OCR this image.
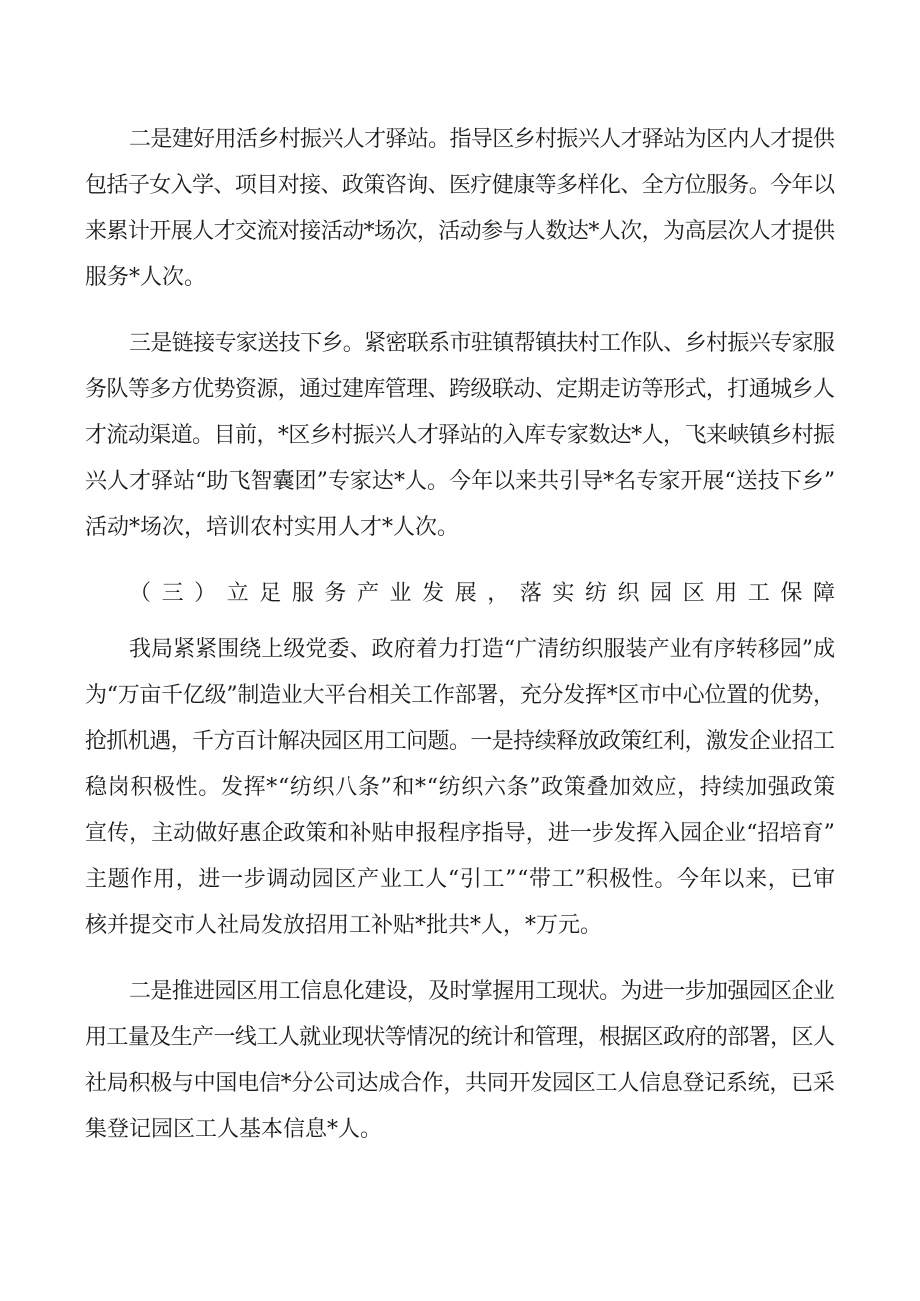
二是建好用活乡村振兴人才驿站。指导区乡村振兴人才驿站为区内人才提供
包括子女入学、项目对接、政策咨询、医疗健康等多样化、全方位服务。今年以
来累计开展人才交流对接活动*场次，活动参与人数达*人次，为高层次人才提供
服务*人次。
三是链接专家送技下乡。紧密联系市驻镇帮镇扶村工作队、乡村振兴专家服
务队等多方优势资源，通过建库管理、跨级联动、定期走访等形式，打通城乡人
才流动渠道。目前，*区乡村振兴人才驿站的入库专家数达*人，飞来峡镇乡村振
兴人才驿站“助飞智囊团”专家达*人。今年以来共引导*名专家开展“送技下乡”
活动*场次，培训农村实用人才*人次。
（三）立足服务产业发展，落实纺织园区用工保障
我局紧紧围绕上级党委、政府着力打造“广清纺织服装产业有序转移园”成
为“万亩千亿级”制造业大平台相关工作部署，充分发挥*区市中心位置的优势，
抢抓机遇，千方百计解决园区用工问题。一是持续释放政策红利，激发企业招工
稳岗积极性。发挥*“纺织八条”和*“纺织六条”政策叠加效应，持续加强政策
宣传，主动做好惠企政策和补贴申报程序指导，进一步发挥入园企业“招培育”
主题作用，进一步调动园区产业工人“引工”“带工”积极性。今年以来，已审
核并提交市人社局发放招用工补贴*批共*人，*万元。
二是推进园区用工信息化建设，及时掌握用工现状。为进一步加强园区企业
用工量及生产一线工人就业现状等情况的统计和管理，根据区政府的部署，区人
社局积极与中国电信*分公司达成合作，共同开发园区工人信息登记系统，已采
集登记园区工人基本信息*人。
